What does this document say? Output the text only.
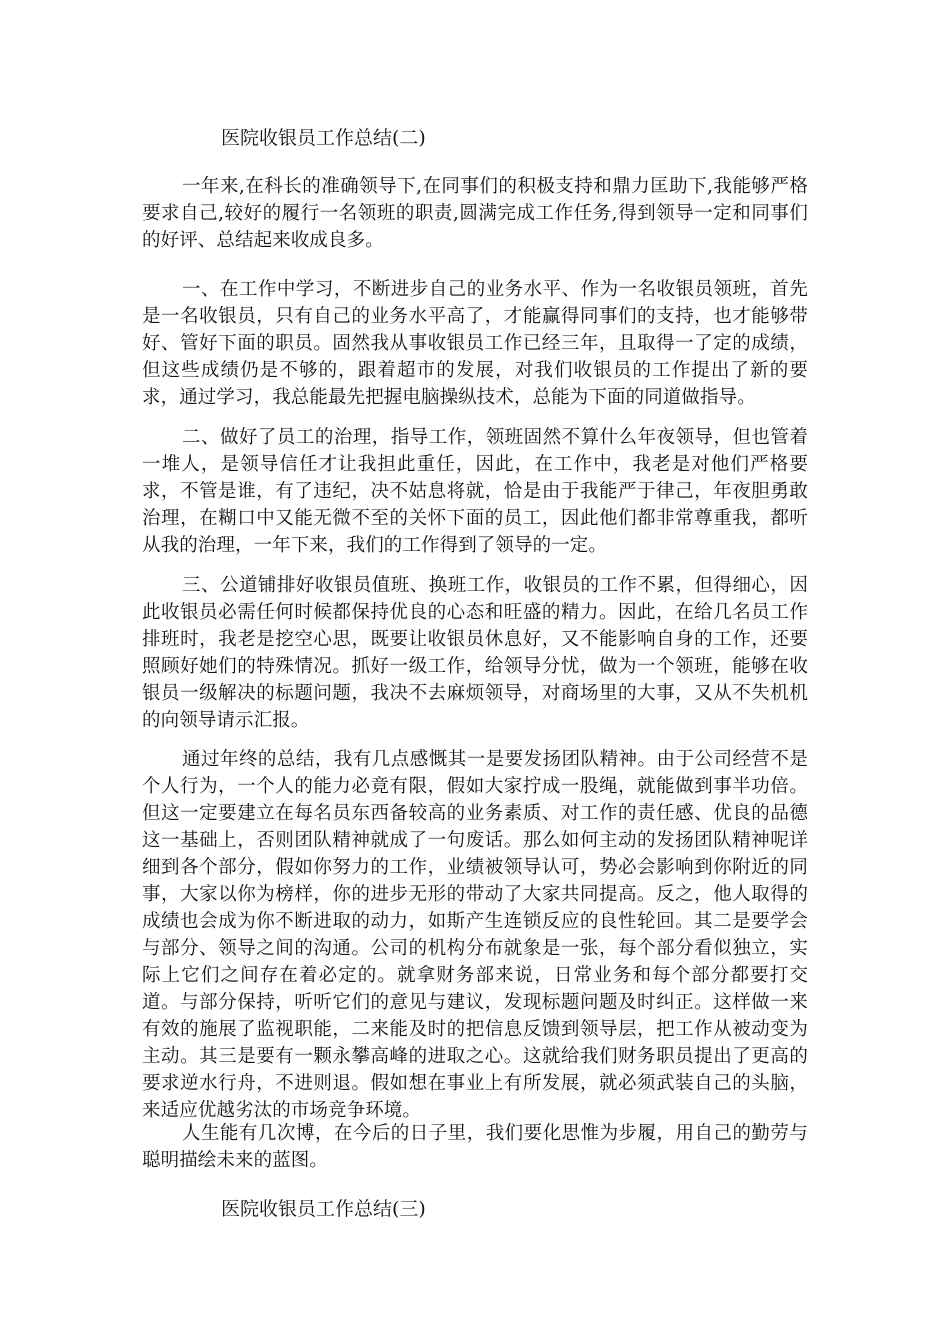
医院收银员工作总结(二)

一年来,在科长的准确领导下,在同事们的积极支持和鼎力匡助下,我能够严格要求自己,较好的履行一名领班的职责,圆满完成工作任务,得到领导一定和同事们的好评、总结起来收成良多。

一、在工作中学习，不断进步自己的业务水平、作为一名收银员领班，首先是一名收银员，只有自己的业务水平高了，才能赢得同事们的支持，也才能够带好、管好下面的职员。固然我从事收银员工作已经三年，且取得一了定的成绩，但这些成绩仍是不够的，跟着超市的发展，对我们收银员的工作提出了新的要求，通过学习，我总能最先把握电脑操纵技术，总能为下面的同道做指导。

二、做好了员工的治理，指导工作，领班固然不算什么年夜领导，但也管着一堆人，是领导信任才让我担此重任，因此，在工作中，我老是对他们严格要求，不管是谁，有了违纪，决不姑息将就，恰是由于我能严于律己，年夜胆勇敢治理，在糊口中又能无微不至的关怀下面的员工，因此他们都非常尊重我，都听从我的治理，一年下来，我们的工作得到了领导的一定。

三、公道铺排好收银员值班、换班工作，收银员的工作不累，但得细心，因此收银员必需任何时候都保持优良的心态和旺盛的精力。因此，在给几名员工作排班时，我老是挖空心思，既要让收银员休息好，又不能影响自身的工作，还要照顾好她们的特殊情况。抓好一级工作，给领导分忧，做为一个领班，能够在收银员一级解决的标题问题，我决不去麻烦领导，对商场里的大事，又从不失机机的向领导请示汇报。

通过年终的总结，我有几点感慨其一是要发扬团队精神。由于公司经营不是个人行为，一个人的能力必竟有限，假如大家拧成一股绳，就能做到事半功倍。但这一定要建立在每名员东西备较高的业务素质、对工作的责任感、优良的品德这一基础上，否则团队精神就成了一句废话。那么如何主动的发扬团队精神呢详细到各个部分，假如你努力的工作，业绩被领导认可，势必会影响到你附近的同事，大家以你为榜样，你的进步无形的带动了大家共同提高。反之，他人取得的成绩也会成为你不断进取的动力，如斯产生连锁反应的良性轮回。其二是要学会与部分、领导之间的沟通。公司的机构分布就象是一张，每个部分看似独立，实际上它们之间存在着必定的。就拿财务部来说，日常业务和每个部分都要打交道。与部分保持，听听它们的意见与建议，发现标题问题及时纠正。这样做一来有效的施展了监视职能，二来能及时的把信息反馈到领导层，把工作从被动变为主动。其三是要有一颗永攀高峰的进取之心。这就给我们财务职员提出了更高的要求逆水行舟，不进则退。假如想在事业上有所发展，就必须武装自己的头脑，来适应优越劣汰的市场竞争环境。

人生能有几次博，在今后的日子里，我们要化思惟为步履，用自己的勤劳与聪明描绘未来的蓝图。

医院收银员工作总结(三)
